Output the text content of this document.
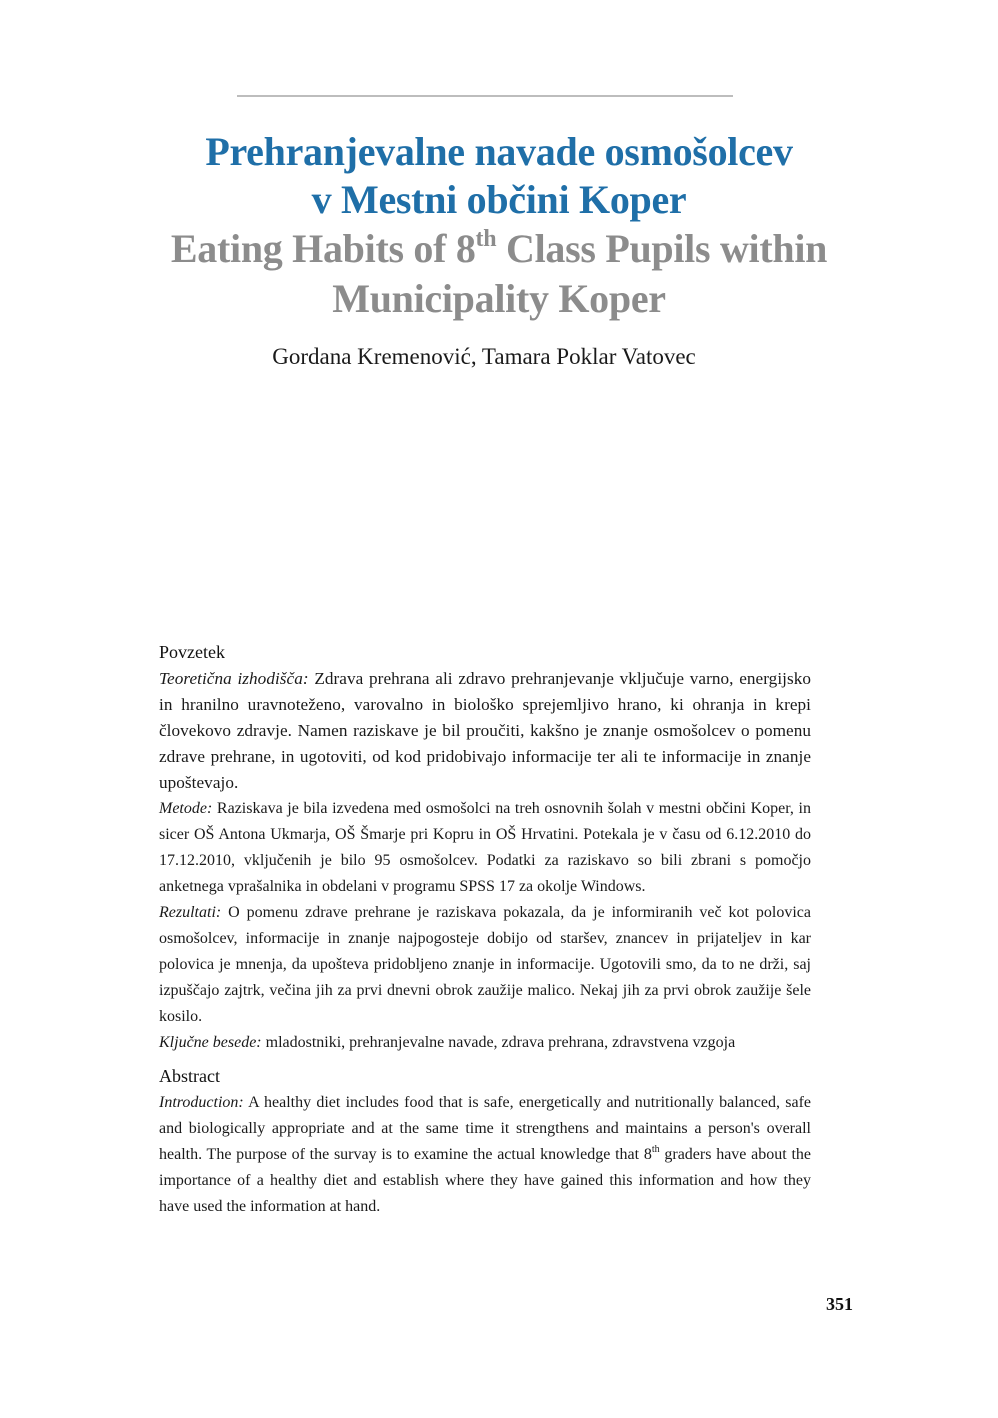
Prehranjevalne navade osmošolcev
v Mestni občini Koper
Eating Habits of 8th Class Pupils within
Municipality Koper
Gordana Kremenović, Tamara Poklar Vatovec
Povzetek

Teoretična izhodišča: Zdrava prehrana ali zdravo prehranjevanje vključuje varno, energijsko in hranilno uravnoteženo, varovalno in biološko sprejemljivo hrano, ki ohranja in krepi človekovo zdravje. Namen raziskave je bil proučiti, kakšno je znanje osmošolcev o pomenu zdrave prehrane, in ugotoviti, od kod pridobivajo informacije ter ali te informacije in znanje upoštevajo.

Metode: Raziskava je bila izvedena med osmošolci na treh osnovnih šolah v mestni občini Koper, in sicer OŠ Antona Ukmarja, OŠ Šmarje pri Kopru in OŠ Hrvatini. Potekala je v času od 6.12.2010 do 17.12.2010, vključenih je bilo 95 osmošolcev. Podatki za raziskavo so bili zbrani s pomočjo anketnega vprašalnika in obdelani v programu SPSS 17 za okolje Windows.

Rezultati: O pomenu zdrave prehrane je raziskava pokazala, da je informiranih več kot polovica osmošolcev, informacije in znanje najpogosteje dobijo od staršev, znancev in prijateljev in kar polovica je mnenja, da upošteva pridobljeno znanje in informacije. Ugotovili smo, da to ne drži, saj izpuščajo zajtrk, večina jih za prvi dnevni obrok zaužije malico. Nekaj jih za prvi obrok zaužije šele kosilo.

Ključne besede: mladostniki, prehranjevalne navade, zdrava prehrana, zdravstvena vzgoja

Abstract

Introduction: A healthy diet includes food that is safe, energetically and nutritionally balanced, safe and biologically appropriate and at the same time it strengthens and maintains a person's overall health. The purpose of the survay is to examine the actual knowledge that 8th graders have about the importance of a healthy diet and establish where they have gained this information and how they have used the information at hand.

351
